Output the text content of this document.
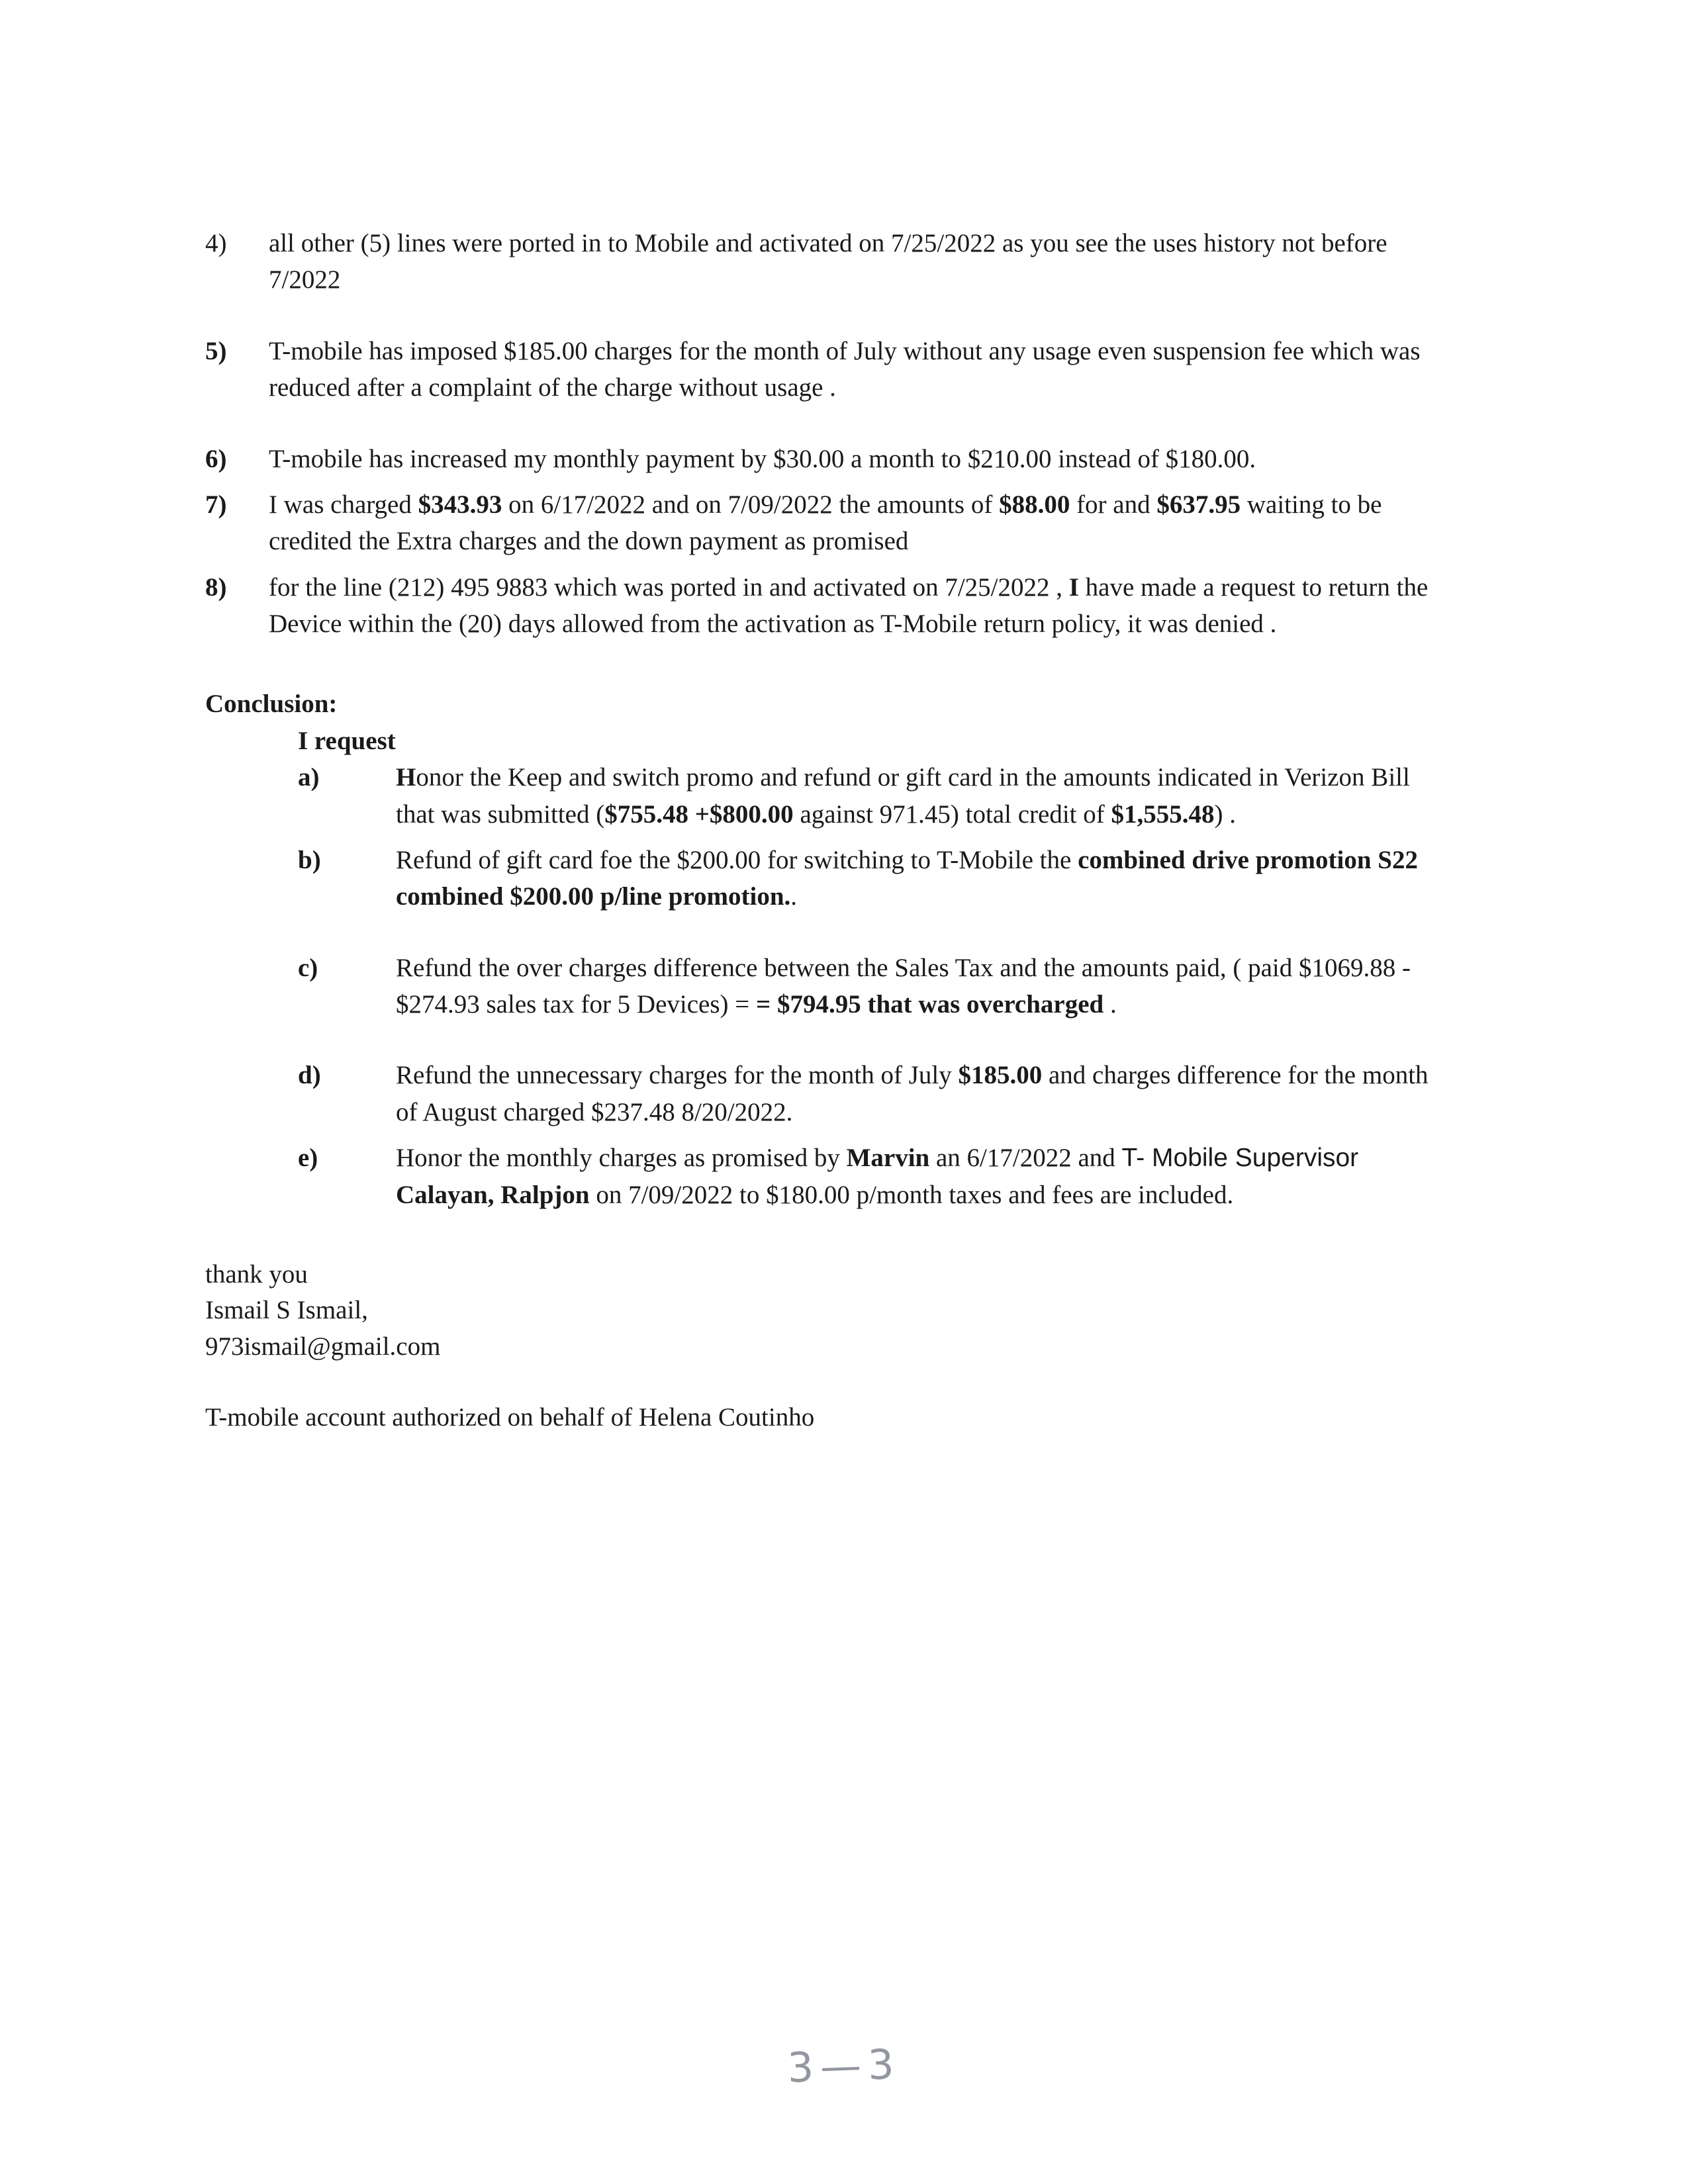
4)	all other (5) lines were ported in to Mobile and activated on 7/25/2022 as you see the uses history not before 7/2022
5)	T-mobile has imposed $185.00 charges for the month of July without any usage even suspension fee which was reduced after a complaint of the charge without usage .
6)	T-mobile has increased my monthly payment by $30.00 a month to $210.00 instead of $180.00.
7)	I was charged $343.93 on 6/17/2022 and on 7/09/2022 the amounts of $88.00 for and $637.95 waiting to be credited the Extra charges and the down payment as promised
8)	for the line (212) 495 9883 which was ported in and activated on 7/25/2022 , I have made a request to return the Device within the (20) days allowed from the activation as T-Mobile return policy, it was denied .
Conclusion:
I request
a)	Honor the Keep and switch promo and refund or gift card in the amounts indicated in Verizon Bill that was submitted ($755.48 +$800.00 against 971.45) total credit of $1,555.48) .
b)	Refund of gift card foe the $200.00 for switching to T-Mobile the combined drive promotion S22 combined $200.00 p/line promotion..
c)	Refund the over charges difference between the Sales Tax and the amounts paid, ( paid $1069.88 - $274.93 sales tax for 5 Devices) = = $794.95 that was overcharged .
d)	Refund the unnecessary charges for the month of July $185.00 and charges difference for the month of August charged $237.48 8/20/2022.
e)	Honor the monthly charges as promised by Marvin an 6/17/2022 and T- Mobile Supervisor Calayan, Ralpjon on 7/09/2022 to $180.00 p/month taxes and fees are included.
thank you
Ismail S Ismail,
973ismail@gmail.com
T-mobile account authorized on behalf of Helena Coutinho
3—3
